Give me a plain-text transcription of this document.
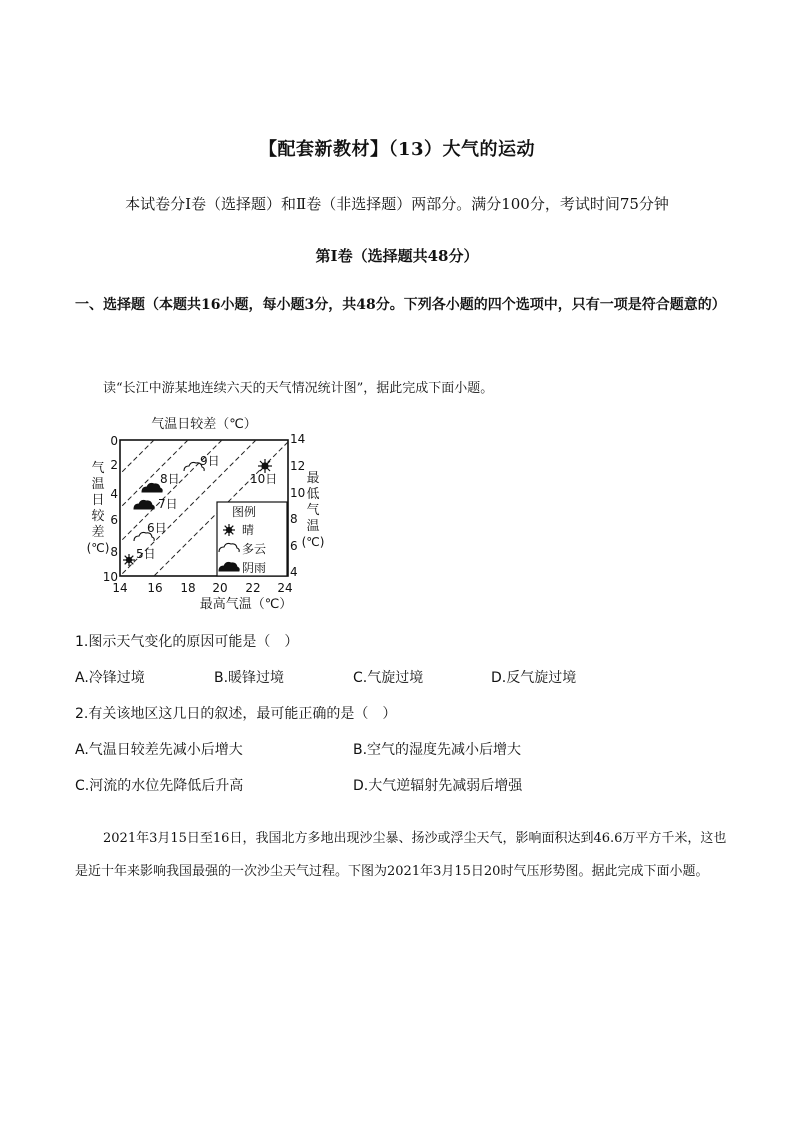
【配套新教材】（13）大气的运动
本试卷分Ⅰ卷（选择题）和Ⅱ卷（非选择题）两部分。满分100分，考试时间75分钟
第Ⅰ卷（选择题共48分）
一、选择题（本题共16小题，每小题3分，共48分。下列各小题的四个选项中，只有一项是符合题意的）
读“长江中游某地连续六天的天气情况统计图”，据此完成下面小题。
气温日较差（℃）
0
2
4
6
8
10
气
温
日
较
差
(℃)
14
12
10
8
6
4
最
低
气
温
(℃)
14 16 18 20 22 24
最高气温（℃）
图例
晴
多云
阴雨
5日
6日
7日
8日
9日
10日
1.图示天气变化的原因可能是（　）
A.冷锋过境	B.暖锋过境	C.气旋过境	D.反气旋过境
2.有关该地区这几日的叙述，最可能正确的是（　）
A.气温日较差先减小后增大	B.空气的湿度先减小后增大
C.河流的水位先降低后升高	D.大气逆辐射先减弱后增强
2021年3月15日至16日，我国北方多地出现沙尘暴、扬沙或浮尘天气，影响面积达到46.6万平方千米，这也是近十年来影响我国最强的一次沙尘天气过程。下图为2021年3月15日20时气压形势图。据此完成下面小题。
